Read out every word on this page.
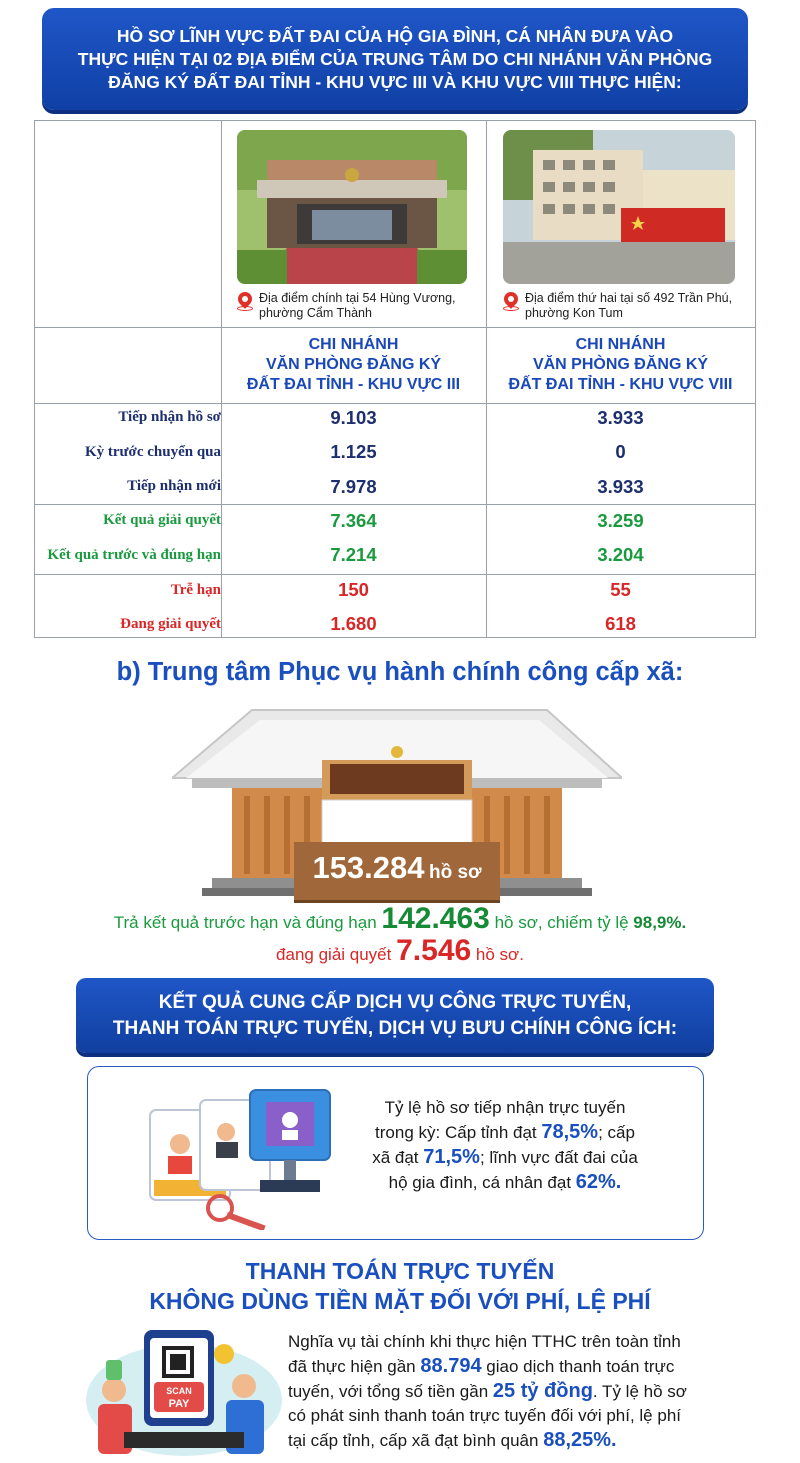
HỒ SƠ LĨNH VỰC ĐẤT ĐAI CỦA HỘ GIA ĐÌNH, CÁ NHÂN ĐƯA VÀO
THỰC HIỆN TẠI 02 ĐỊA ĐIỂM CỦA TRUNG TÂM DO CHI NHÁNH VĂN PHÒNG
ĐĂNG KÝ ĐẤT ĐAI TỈNH - KHU VỰC III VÀ KHU VỰC VIII THỰC HIỆN:
Địa điểm chính tại 54 Hùng Vương,
phường Cẩm Thành
Địa điểm thứ hai tại số 492 Trần Phú,
phường Kon Tum
CHI NHÁNH
VĂN PHÒNG ĐĂNG KÝ
ĐẤT ĐAI TỈNH - KHU VỰC III
CHI NHÁNH
VĂN PHÒNG ĐĂNG KÝ
ĐẤT ĐAI TỈNH - KHU VỰC VIII
Tiếp nhận hồ sơ	9.103	3.933
Kỳ trước chuyển qua	1.125	0
Tiếp nhận mới	7.978	3.933
Kết quả giải quyết	7.364	3.259
Kết quả trước và đúng hạn	7.214	3.204
Trễ hạn	150	55
Đang giải quyết	1.680	618
b) Trung tâm Phục vụ hành chính công cấp xã:
153.284 hồ sơ
Trả kết quả trước hạn và đúng hạn 142.463 hồ sơ, chiếm tỷ lệ 98,9%.
đang giải quyết 7.546 hồ sơ.
KẾT QUẢ CUNG CẤP DỊCH VỤ CÔNG TRỰC TUYẾN,
THANH TOÁN TRỰC TUYẾN, DỊCH VỤ BƯU CHÍNH CÔNG ÍCH:
Tỷ lệ hồ sơ tiếp nhận trực tuyến
trong kỳ: Cấp tỉnh đạt 78,5%; cấp
xã đạt 71,5%; lĩnh vực đất đai của
hộ gia đình, cá nhân đạt 62%.
THANH TOÁN TRỰC TUYẾN
KHÔNG DÙNG TIỀN MẶT ĐỐI VỚI PHÍ, LỆ PHÍ
SCAN
PAY
Nghĩa vụ tài chính khi thực hiện TTHC trên toàn tỉnh
đã thực hiện gần 88.794 giao dịch thanh toán trực
tuyến, với tổng số tiền gần 25 tỷ đồng. Tỷ lệ hồ sơ
có phát sinh thanh toán trực tuyến đối với phí, lệ phí
tại cấp tỉnh, cấp xã đạt bình quân 88,25%.
